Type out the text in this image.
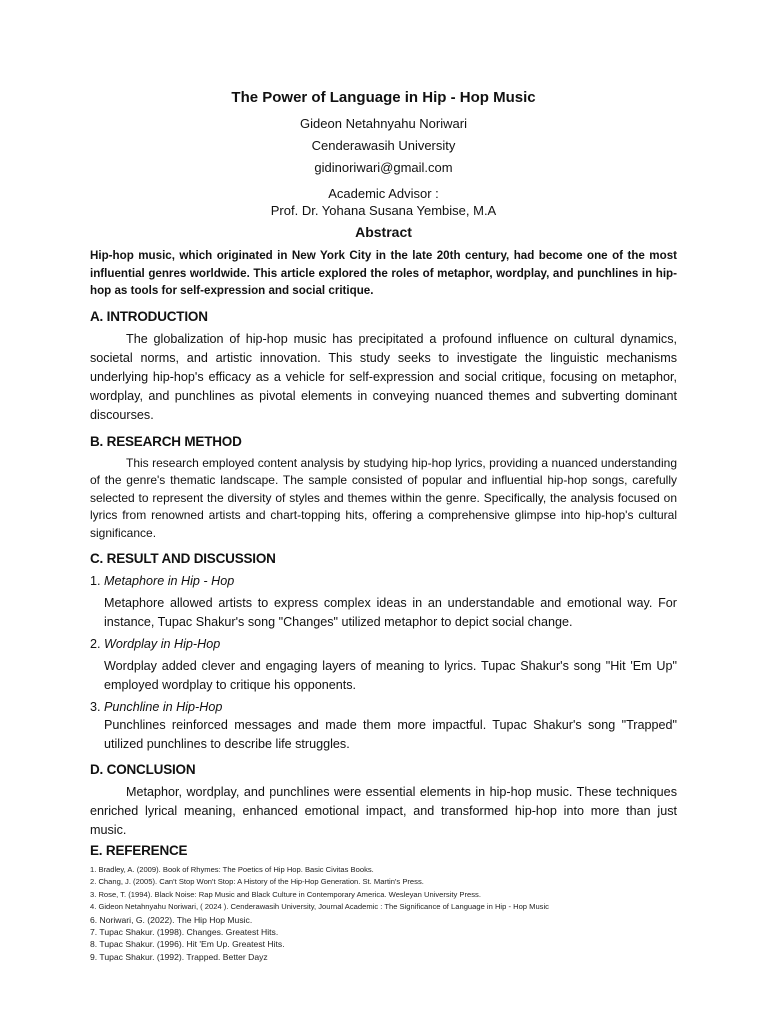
The Power of Language in Hip - Hop Music
Gideon Netahnyahu Noriwari
Cenderawasih University
gidinoriwari@gmail.com
Academic Advisor :
Prof. Dr. Yohana Susana Yembise, M.A
Abstract

Hip-hop music, which originated in New York City in the late 20th century, had become one of the most influential genres worldwide. This article explored the roles of metaphor, wordplay, and punchlines in hip-hop as tools for self-expression and social critique.

A. INTRODUCTION

The globalization of hip-hop music has precipitated a profound influence on cultural dynamics, societal norms, and artistic innovation. This study seeks to investigate the linguistic mechanisms underlying hip-hop's efficacy as a vehicle for self-expression and social critique, focusing on metaphor, wordplay, and punchlines as pivotal elements in conveying nuanced themes and subverting dominant discourses.

B. RESEARCH METHOD

This research employed content analysis by studying hip-hop lyrics, providing a nuanced understanding of the genre's thematic landscape. The sample consisted of popular and influential hip-hop songs, carefully selected to represent the diversity of styles and themes within the genre. Specifically, the analysis focused on lyrics from renowned artists and chart-topping hits, offering a comprehensive glimpse into hip-hop's cultural significance.

C. RESULT AND DISCUSSION
1. Metaphore in Hip - Hop

Metaphore allowed artists to express complex ideas in an understandable and emotional way. For instance, Tupac Shakur's song "Changes" utilized metaphor to depict social change.

2. Wordplay in Hip-Hop

Wordplay added clever and engaging layers of meaning to lyrics. Tupac Shakur's song "Hit 'Em Up" employed wordplay to critique his opponents.

3. Punchline in Hip-Hop

Punchlines reinforced messages and made them more impactful. Tupac Shakur's song "Trapped" utilized punchlines to describe life struggles.

D. CONCLUSION

Metaphor, wordplay, and punchlines were essential elements in hip-hop music. These techniques enriched lyrical meaning, enhanced emotional impact, and transformed hip-hop into more than just music.

E. REFERENCE
1. Bradley, A. (2009). Book of Rhymes: The Poetics of Hip Hop. Basic Civitas Books.
2. Chang, J. (2005). Can't Stop Won't Stop: A History of the Hip-Hop Generation. St. Martin's Press.
3. Rose, T. (1994). Black Noise: Rap Music and Black Culture in Contemporary America. Wesleyan University Press.
4. Gideon Netahnyahu Noriwari, ( 2024 ). Cenderawasih University, Journal Academic : The Significance of Language in Hip - Hop Music
6. Noriwari, G. (2022). The Hip Hop Music.
7. Tupac Shakur. (1998). Changes. Greatest Hits.
8. Tupac Shakur. (1996). Hit 'Em Up. Greatest Hits.
9. Tupac Shakur. (1992). Trapped. Better Dayz
